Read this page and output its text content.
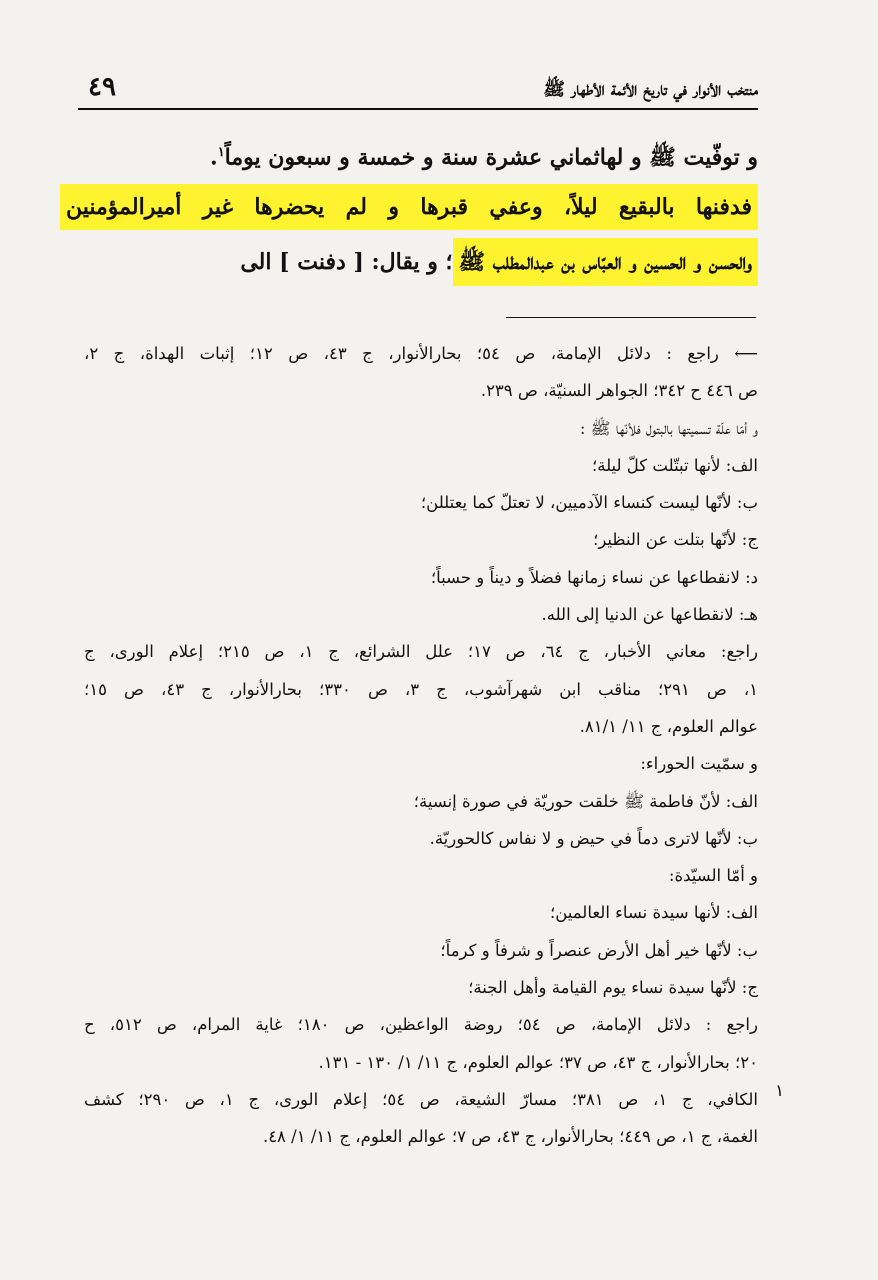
منتخب الأنوار في تاريخ الأئمة الأطهار ﷺ
٤٩
و توفّيت ﷺ و لهاثماني عشرة سنة و خمسة و سبعون يوماً$^١$.
فدفنها بالبقيع ليلاً، وعفي قبرها و لم يحضرها غير أميرالمؤمنين
والحسن و الحسين و العبّاس بن عبدالمطلب ﷺ؛ و يقال: [ دفنت ] الى
⟵ راجع : دلائل الإمامة، ص ٥٤؛ بحارالأنوار، ج ٤٣، ص ١٢؛ إثبات الهداة، ج ٢،
ص ٤٤٦ ح ٣٤٢؛ الجواهر السنيّة، ص ٢٣٩.
و أمّا علّة تسميتها بالبتول فلأنّها ﷺ :
الف: لأنها تبتّلت كلّ ليلة؛
ب: لأنّها ليست كنساء الآدميين، لا تعتلّ كما يعتللن؛
ج: لأنّها بتلت عن النظير؛
د: لانقطاعها عن نساء زمانها فضلاً و ديناً و حسباً؛
هـ: لانقطاعها عن الدنيا إلى الله.
راجع: معاني الأخبار، ج ٦٤، ص ١٧؛ علل الشرائع، ج ١، ص ٢١٥؛ إعلام الورى، ج
١، ص ٢٩١؛ مناقب ابن شهرآشوب، ج ٣، ص ٣٣٠؛ بحارالأنوار، ج ٤٣، ص ١٥؛
عوالم العلوم، ج ١١/ ٨١/١.
و سمّيت الحوراء:
الف: لأنّ فاطمة ﷺ خلقت حوريّة في صورة إنسية؛
ب: لأنّها لاترى دماً في حيض و لا نفاس كالحوريّة.
و أمّا السيّدة:
الف: لأنها سيدة نساء العالمين؛
ب: لأنّها خير أهل الأرض عنصراً و شرفاً و كرماً؛
ج: لأنّها سيدة نساء يوم القيامة وأهل الجنة؛
راجع : دلائل الإمامة، ص ٥٤؛ روضة الواعظين، ص ١٨٠؛ غاية المرام، ص ٥١٢، ح
٢٠؛ بحارالأنوار، ج ٤٣، ص ٣٧؛ عوالم العلوم، ج ١١/ ١/ ١٣٠ - ١٣١.
١
الكافي، ج ١، ص ٣٨١؛ مسارّ الشيعة، ص ٥٤؛ إعلام الورى، ج ١، ص ٢٩٠؛ كشف
الغمة، ج ١، ص ٤٤٩؛ بحارالأنوار، ج ٤٣، ص ٧؛ عوالم العلوم، ج ١١/ ١/ ٤٨.
